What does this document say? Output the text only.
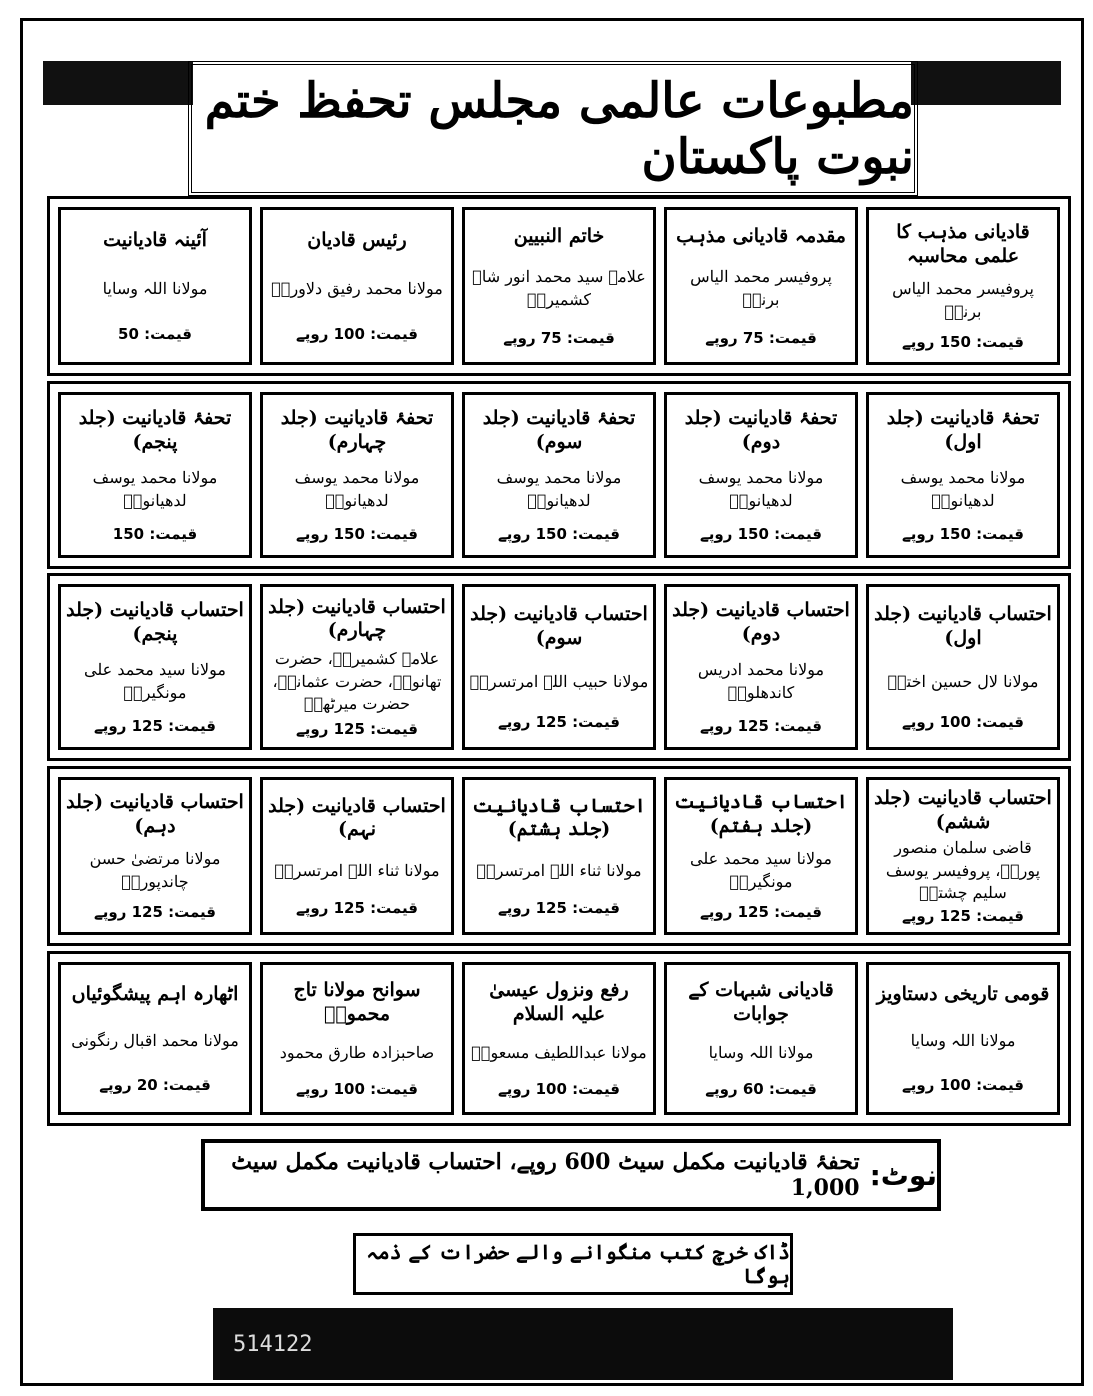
مطبوعات عالمی مجلس تحفظ ختم نبوت پاکستان
قادیانی مذہب کا علمی محاسبہ
پروفیسر محمد الیاس برنیؒ
قیمت: 150 روپے
مقدمہ قادیانی مذہب
پروفیسر محمد الیاس برنیؒ
قیمت: 75 روپے
خاتم النبیین
علامہ سید محمد انور شاہ کشمیریؒ
قیمت: 75 روپے
رئیس قادیان
مولانا محمد رفیق دلاوریؒ
قیمت: 100 روپے
آئینہ قادیانیت
مولانا اللہ وسایا
قیمت: 50
تحفۂ قادیانیت (جلد اول)
مولانا محمد یوسف لدھیانویؒ
قیمت: 150 روپے
تحفۂ قادیانیت (جلد دوم)
مولانا محمد یوسف لدھیانویؒ
قیمت: 150 روپے
تحفۂ قادیانیت (جلد سوم)
مولانا محمد یوسف لدھیانویؒ
قیمت: 150 روپے
تحفۂ قادیانیت (جلد چہارم)
مولانا محمد یوسف لدھیانویؒ
قیمت: 150 روپے
تحفۂ قادیانیت (جلد پنجم)
مولانا محمد یوسف لدھیانویؒ
قیمت: 150
احتساب قادیانیت (جلد اول)
مولانا لال حسین اخترؒ
قیمت: 100 روپے
احتساب قادیانیت (جلد دوم)
مولانا محمد ادریس کاندھلویؒ
قیمت: 125 روپے
احتساب قادیانیت (جلد سوم)
مولانا حبیب اللہ امرتسریؒ
قیمت: 125 روپے
احتساب قادیانیت (جلد چہارم)
علامہ کشمیریؒ، حضرت تھانویؒ، حضرت عثمانیؒ، حضرت میرٹھیؒ
قیمت: 125 روپے
احتساب قادیانیت (جلد پنجم)
مولانا سید محمد علی مونگیریؒ
قیمت: 125 روپے
احتساب قادیانیت (جلد ششم)
قاضی سلمان منصور پوریؒ، پروفیسر یوسف سلیم چشتیؒ
قیمت: 125 روپے
احتساب قادیانیت (جلد ہفتم)
مولانا سید محمد علی مونگیریؒ
قیمت: 125 روپے
احتساب قادیانیت (جلد ہشتم)
مولانا ثناء اللہ امرتسریؒ
قیمت: 125 روپے
احتساب قادیانیت (جلد نہم)
مولانا ثناء اللہ امرتسریؒ
قیمت: 125 روپے
احتساب قادیانیت (جلد دہم)
مولانا مرتضیٰ حسن چاندپوریؒ
قیمت: 125 روپے
قومی تاریخی دستاویز
مولانا اللہ وسایا
قیمت: 100 روپے
قادیانی شبہات کے جوابات
مولانا اللہ وسایا
قیمت: 60 روپے
رفع ونزول عیسیٰ علیہ السلام
مولانا عبداللطیف مسعودؒ
قیمت: 100 روپے
سوانح مولانا تاج محمودؒ
صاحبزادہ طارق محمود
قیمت: 100 روپے
اٹھارہ اہم پیشگوئیاں
مولانا محمد اقبال رنگونی
قیمت: 20 روپے
نوٹ:
تحفۂ قادیانیت مکمل سیٹ 600 روپے، احتساب قادیانیت مکمل سیٹ 1,000
ڈاک خرچ کتب منگوانے والے حضرات کے ذمہ ہوگا
514122
